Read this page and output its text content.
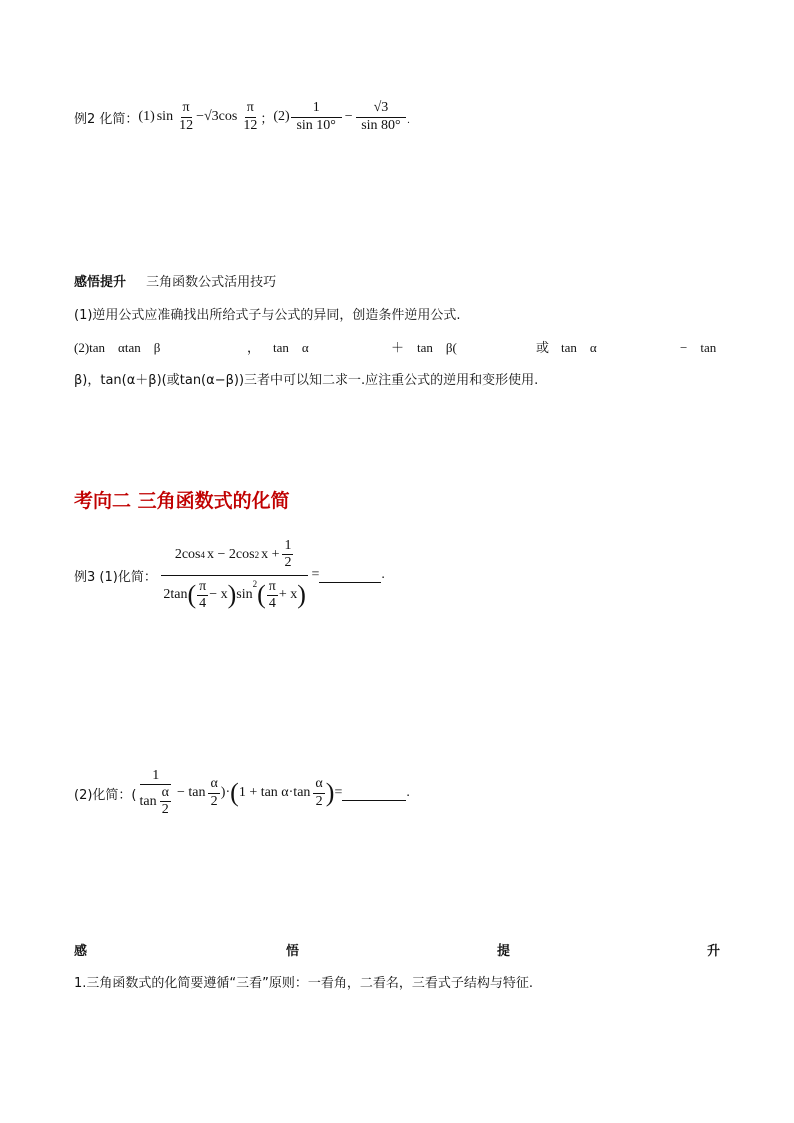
例2 化简： (1) $\sin \frac{\pi}{12} - √3$ $\cos \frac{\pi}{12}$ ； $(2) \frac{1}{\sin 10^\circ} - \frac{√3}{\sin 80^\circ}$ .
感悟提升 三角函数公式活用技巧
(1)逆用公式应准确找出所给式子与公式的异同，创造条件逆用公式.
(2)tan　αtan　β	， tan　α	＋　tan　β(	或 tan　α	−　tan
β)，tan(α＋β)(或tan(α−β))三者中可以知二求一.应注重公式的逆用和变形使用.
考向二 三角函数式的化简
例3 (1)化简：
2cos 4 x − 2cos 2 $x + \frac{1}{2}$
2tan ( $\frac{\pi}{4} - x$ ) sin
$^2$ ( $\frac{\pi}{4} + x$ )
=	.
(2)化简：( $\frac{1}{\tan \frac{\alpha}{2}} - \tan \frac{\alpha}{2}$ )· ( $1 + \tan \alpha\cdot\tan \frac{\alpha}{2}$ ) =	.
感	悟	提	升
1.三角函数式的化简要遵循“三看”原则：一看角，二看名，三看式子结构与特征.
